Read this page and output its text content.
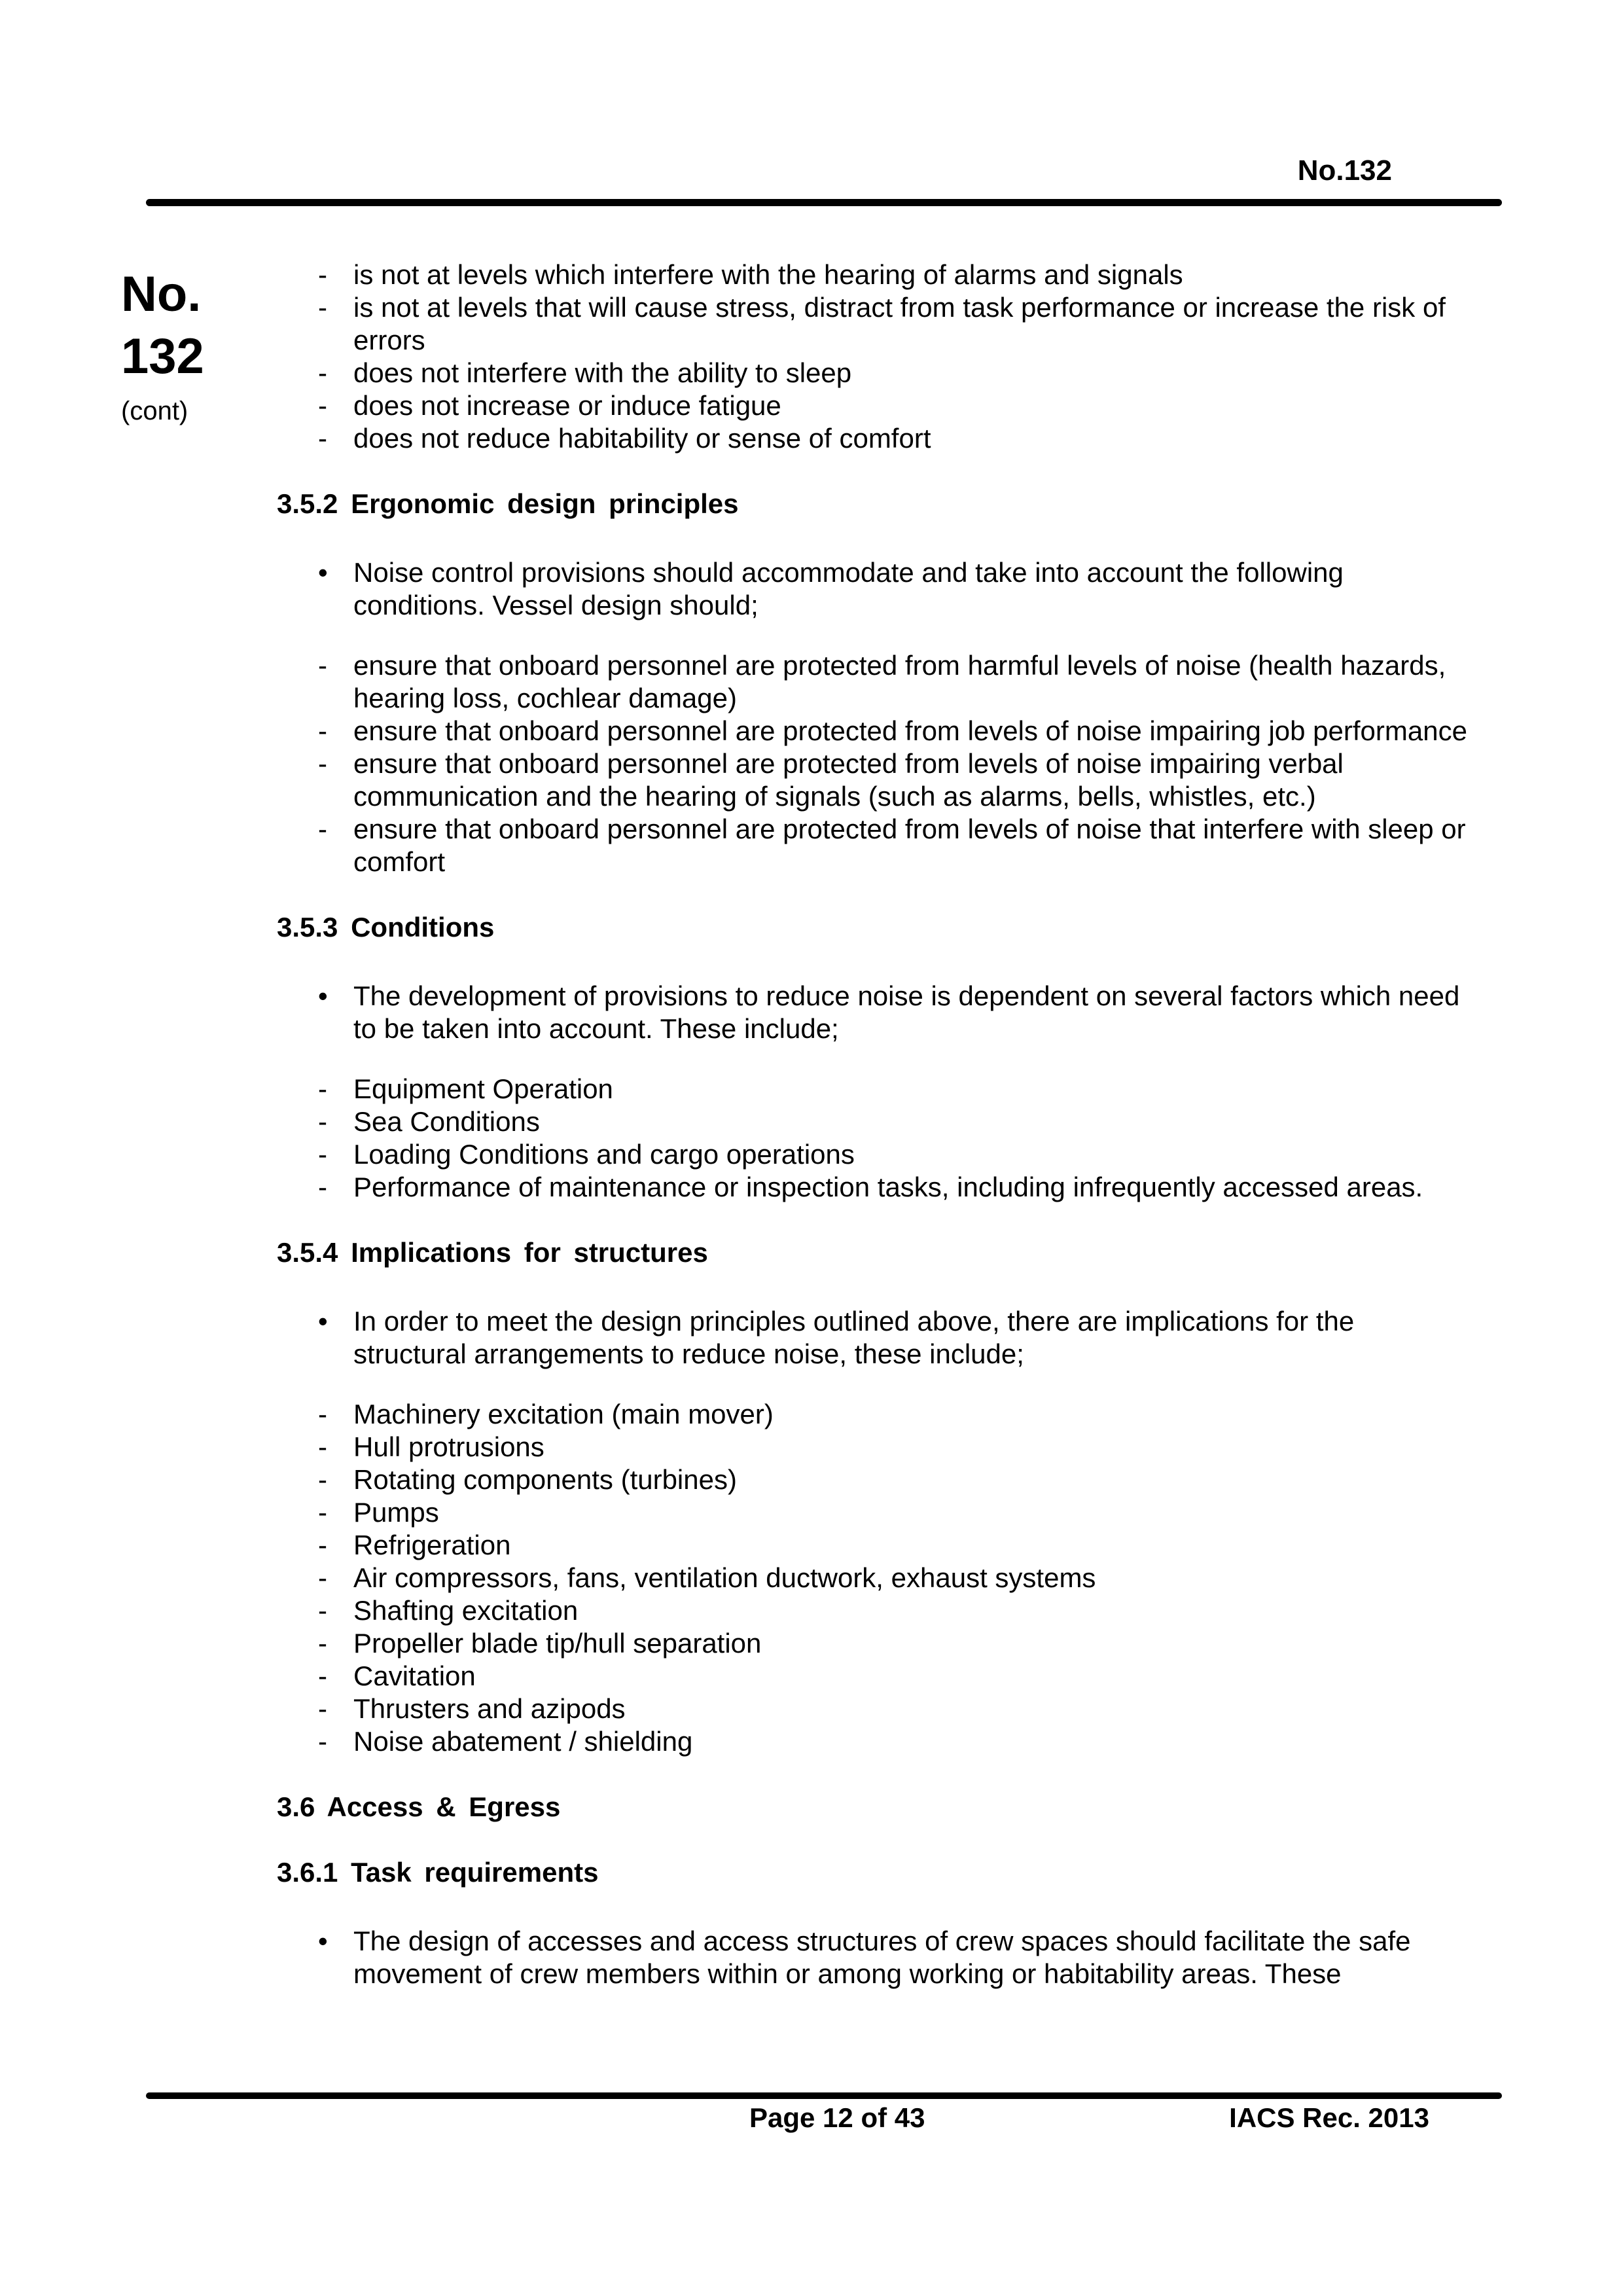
No.132
No.
132
(cont)
- is not at levels which interfere with the hearing of alarms and signals
- is not at levels that will cause stress, distract from task performance or increase the risk of errors
- does not interfere with the ability to sleep
- does not increase or induce fatigue
- does not reduce habitability or sense of comfort
3.5.2 Ergonomic design principles
• Noise control provisions should accommodate and take into account the following conditions. Vessel design should;
- ensure that onboard personnel are protected from harmful levels of noise (health hazards, hearing loss, cochlear damage)
- ensure that onboard personnel are protected from levels of noise impairing job performance
- ensure that onboard personnel are protected from levels of noise impairing verbal communication and the hearing of signals (such as alarms, bells, whistles, etc.)
- ensure that onboard personnel are protected from levels of noise that interfere with sleep or comfort
3.5.3 Conditions
• The development of provisions to reduce noise is dependent on several factors which need to be taken into account. These include;
- Equipment Operation
- Sea Conditions
- Loading Conditions and cargo operations
- Performance of maintenance or inspection tasks, including infrequently accessed areas.
3.5.4 Implications for structures
• In order to meet the design principles outlined above, there are implications for the structural arrangements to reduce noise, these include;
- Machinery excitation (main mover)
- Hull protrusions
- Rotating components (turbines)
- Pumps
- Refrigeration
- Air compressors, fans, ventilation ductwork, exhaust systems
- Shafting excitation
- Propeller blade tip/hull separation
- Cavitation
- Thrusters and azipods
- Noise abatement / shielding
3.6 Access & Egress
3.6.1 Task requirements
• The design of accesses and access structures of crew spaces should facilitate the safe movement of crew members within or among working or habitability areas. These
Page 12 of 43	IACS Rec. 2013
